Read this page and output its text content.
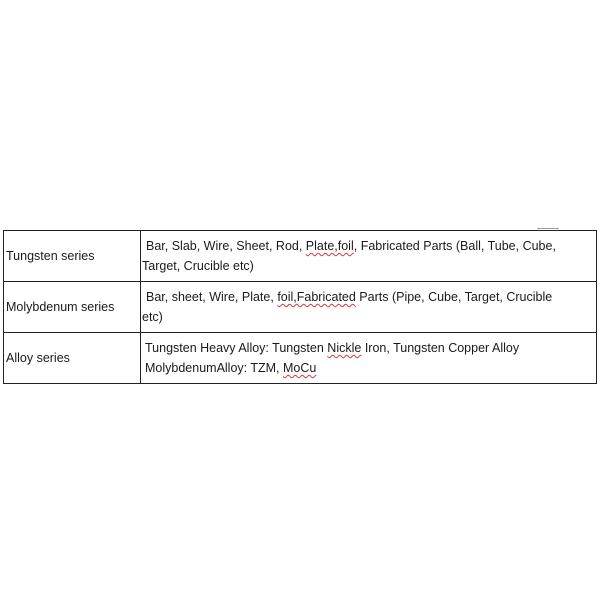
Tungsten series	Bar, Slab, Wire, Sheet, Rod, Plate,foil, Fabricated Parts (Ball, Tube, Cube,

Target, Crucible etc)

Molybdenum series	Bar, sheet, Wire, Plate, foil,Fabricated Parts (Pipe, Cube, Target, Crucible

etc)

Alloy series	Tungsten Heavy Alloy: Tungsten Nickle Iron, Tungsten Copper Alloy

MolybdenumAlloy: TZM, MoCu
